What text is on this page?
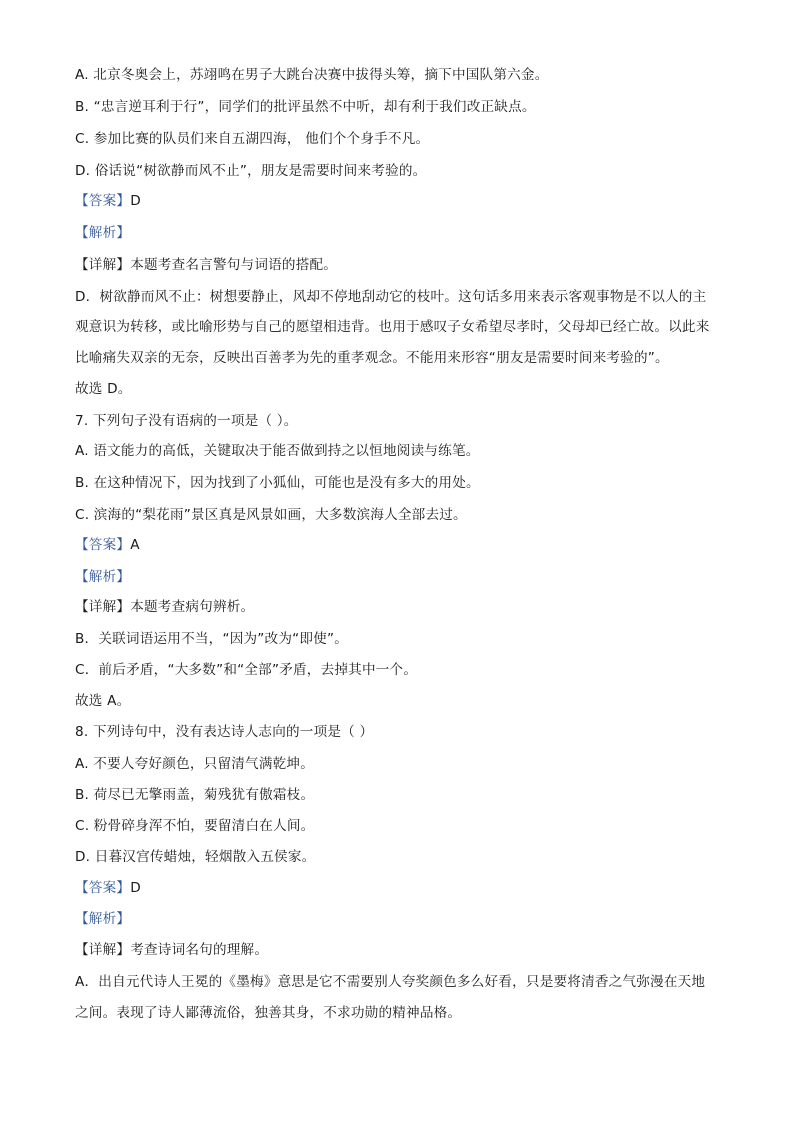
A. 北京冬奥会上，苏翊鸣在男子大跳台决赛中拔得头筹，摘下中国队第六金。
B. “忠言逆耳利于行”，同学们的批评虽然不中听，却有利于我们改正缺点。
C. 参加比赛的队员们来自五湖四海， 他们个个身手不凡。
D. 俗话说“树欲静而风不止”，朋友是需要时间来考验的。
【答案】D
【解析】
【详解】本题考查名言警句与词语的搭配。
D．树欲静而风不止：树想要静止，风却不停地刮动它的枝叶。这句话多用来表示客观事物是不以人的主
观意识为转移，或比喻形势与自己的愿望相违背。也用于感叹子女希望尽孝时，父母却已经亡故。以此来
比喻痛失双亲的无奈，反映出百善孝为先的重孝观念。不能用来形容“朋友是需要时间来考验的”。
故选 D。
7. 下列句子没有语病的一项是（ ）。
A. 语文能力的高低，关键取决于能否做到持之以恒地阅读与练笔。
B. 在这种情况下，因为找到了小狐仙，可能也是没有多大的用处。
C. 滨海的“梨花雨”景区真是风景如画，大多数滨海人全部去过。
【答案】A
【解析】
【详解】本题考查病句辨析。
B．关联词语运用不当，“因为”改为“即使”。
C．前后矛盾，“大多数”和“全部”矛盾，去掉其中一个。
故选 A。
8. 下列诗句中，没有表达诗人志向的一项是（ ）
A. 不要人夸好颜色，只留清气满乾坤。
B. 荷尽已无擎雨盖，菊残犹有傲霜枝。
C. 粉骨碎身浑不怕，要留清白在人间。
D. 日暮汉宫传蜡烛，轻烟散入五侯家。
【答案】D
【解析】
【详解】考查诗词名句的理解。
A．出自元代诗人王冕的《墨梅》意思是它不需要别人夸奖颜色多么好看，只是要将清香之气弥漫在天地
之间。表现了诗人鄙薄流俗，独善其身，不求功勋的精神品格。
